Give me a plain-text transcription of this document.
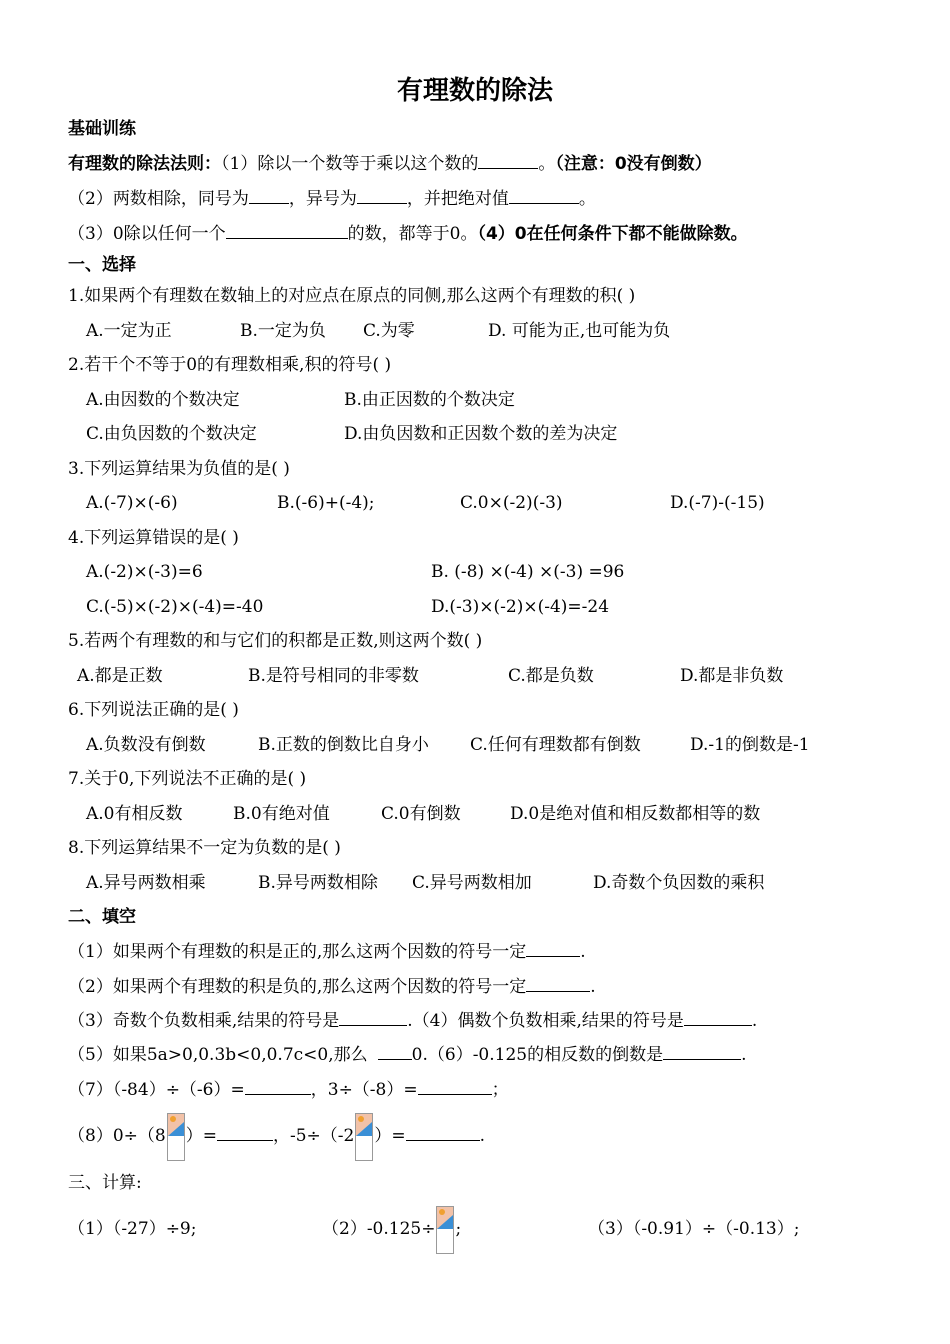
有理数的除法
基础训练
有理数的除法法则：（1）除以一个数等于乘以这个数的	。（注意：0没有倒数）
（2）两数相除，同号为 ，异号为	，并把绝对值	。
（3）0除以任何一个	的数，都等于0。（4）0在任何条件下都不能做除数。
一、选择
1.如果两个有理数在数轴上的对应点在原点的同侧,那么这两个有理数的积( )
A.一定为正	B.一定为负 C.为零	D. 可能为正,也可能为负
2.若干个不等于0的有理数相乘,积的符号( )
A.由因数的个数决定	B.由正因数的个数决定
C.由负因数的个数决定	D.由负因数和正因数个数的差为决定
3.下列运算结果为负值的是( )
A.(-7)×(-6)	B.(-6)+(-4);	C.0×(-2)(-3)	D.(-7)-(-15)
4.下列运算错误的是( )
A.(-2)×(-3)=6	B. (-8) ×(-4) ×(-3) =96
C.(-5)×(-2)×(-4)=-40	D.(-3)×(-2)×(-4)=-24
5.若两个有理数的和与它们的积都是正数,则这两个数( )
A.都是正数	B.是符号相同的非零数	C.都是负数	D.都是非负数
6.下列说法正确的是( )
A.负数没有倒数	B.正数的倒数比自身小 C.任何有理数都有倒数	D.-1的倒数是-1
7.关于0,下列说法不正确的是( )
A.0有相反数	B.0有绝对值	C.0有倒数	D.0是绝对值和相反数都相等的数
8.下列运算结果不一定为负数的是( )
A.异号两数相乘	B.异号两数相除 C.异号两数相加	D.奇数个负因数的乘积
二、填空
（1）如果两个有理数的积是正的,那么这两个因数的符号一定	.
（2）如果两个有理数的积是负的,那么这两个因数的符号一定	.
（3）奇数个负数相乘,结果的符号是	.（4）偶数个负数相乘,结果的符号是	.
（5）如果5a>0,0.3b<0,0.7c<0,那么	0.（6）-0.125的相反数的倒数是	.
（7）（-84）÷（-6）=	，3÷（-8）=	；
（8）0÷（8 ）=	，-5÷（-2 ）=	.
三、计算:
（1）（-27）÷9;	（2）-0.125÷ ;	（3）（-0.91）÷（-0.13）;
